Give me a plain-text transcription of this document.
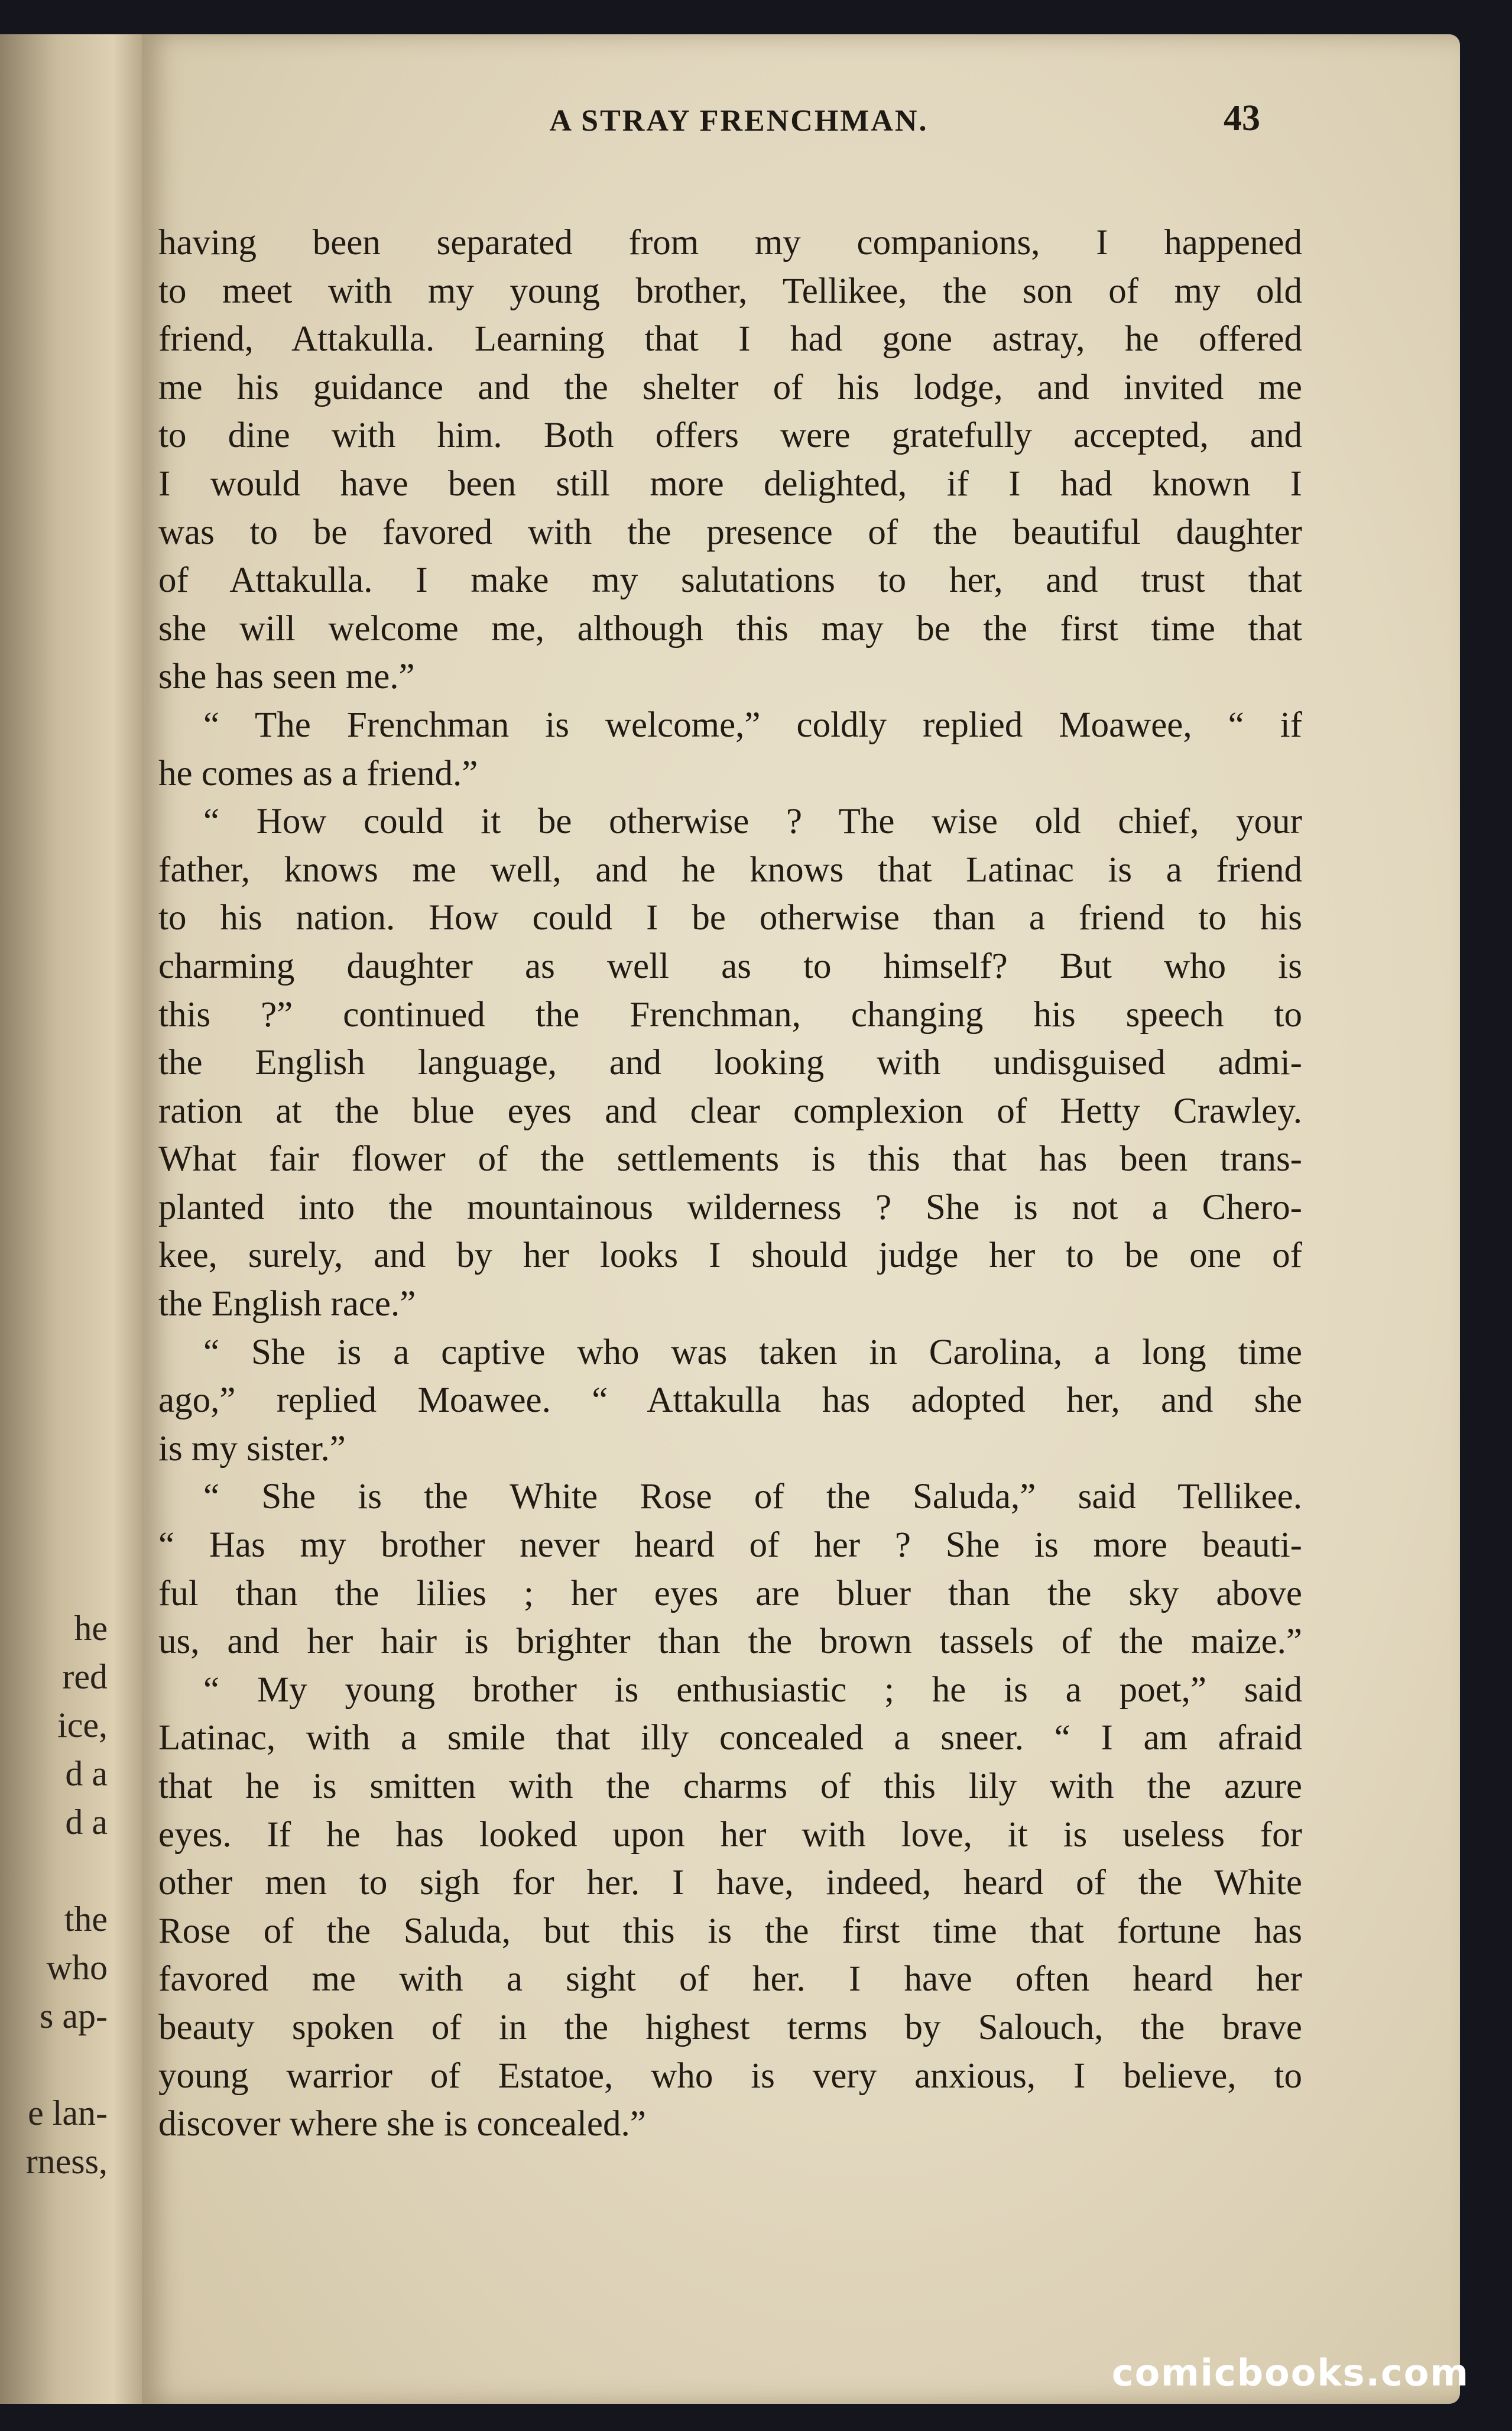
he
red
ice,
d a
d a
the
who
s ap-
e lan-
rness,
A STRAY FRENCHMAN.	43
having been separated from my companions, I happened
to meet with my young brother, Tellikee, the son of my old
friend, Attakulla. Learning that I had gone astray, he offered
me his guidance and the shelter of his lodge, and invited me
to dine with him. Both offers were gratefully accepted, and
I would have been still more delighted, if I had known I
was to be favored with the presence of the beautiful daughter
of Attakulla. I make my salutations to her, and trust that
she will welcome me, although this may be the first time that
she has seen me.”
“ The Frenchman is welcome,” coldly replied Moawee, “ if
he comes as a friend.”
“ How could it be otherwise ? The wise old chief, your
father, knows me well, and he knows that Latinac is a friend
to his nation. How could I be otherwise than a friend to his
charming daughter as well as to himself? But who is
this ?” continued the Frenchman, changing his speech to
the English language, and looking with undisguised admi-
ration at the blue eyes and clear complexion of Hetty Crawley.
What fair flower of the settlements is this that has been trans-
planted into the mountainous wilderness ? She is not a Chero-
kee, surely, and by her looks I should judge her to be one of
the English race.”
“ She is a captive who was taken in Carolina, a long time
ago,” replied Moawee. “ Attakulla has adopted her, and she
is my sister.”
“ She is the White Rose of the Saluda,” said Tellikee.
“ Has my brother never heard of her ? She is more beauti-
ful than the lilies ; her eyes are bluer than the sky above
us, and her hair is brighter than the brown tassels of the maize.”
“ My young brother is enthusiastic ; he is a poet,” said
Latinac, with a smile that illy concealed a sneer. “ I am afraid
that he is smitten with the charms of this lily with the azure
eyes. If he has looked upon her with love, it is useless for
other men to sigh for her. I have, indeed, heard of the White
Rose of the Saluda, but this is the first time that fortune has
favored me with a sight of her. I have often heard her
beauty spoken of in the highest terms by Salouch, the brave
young warrior of Estatoe, who is very anxious, I believe, to
discover where she is concealed.”
comicbooks.com
